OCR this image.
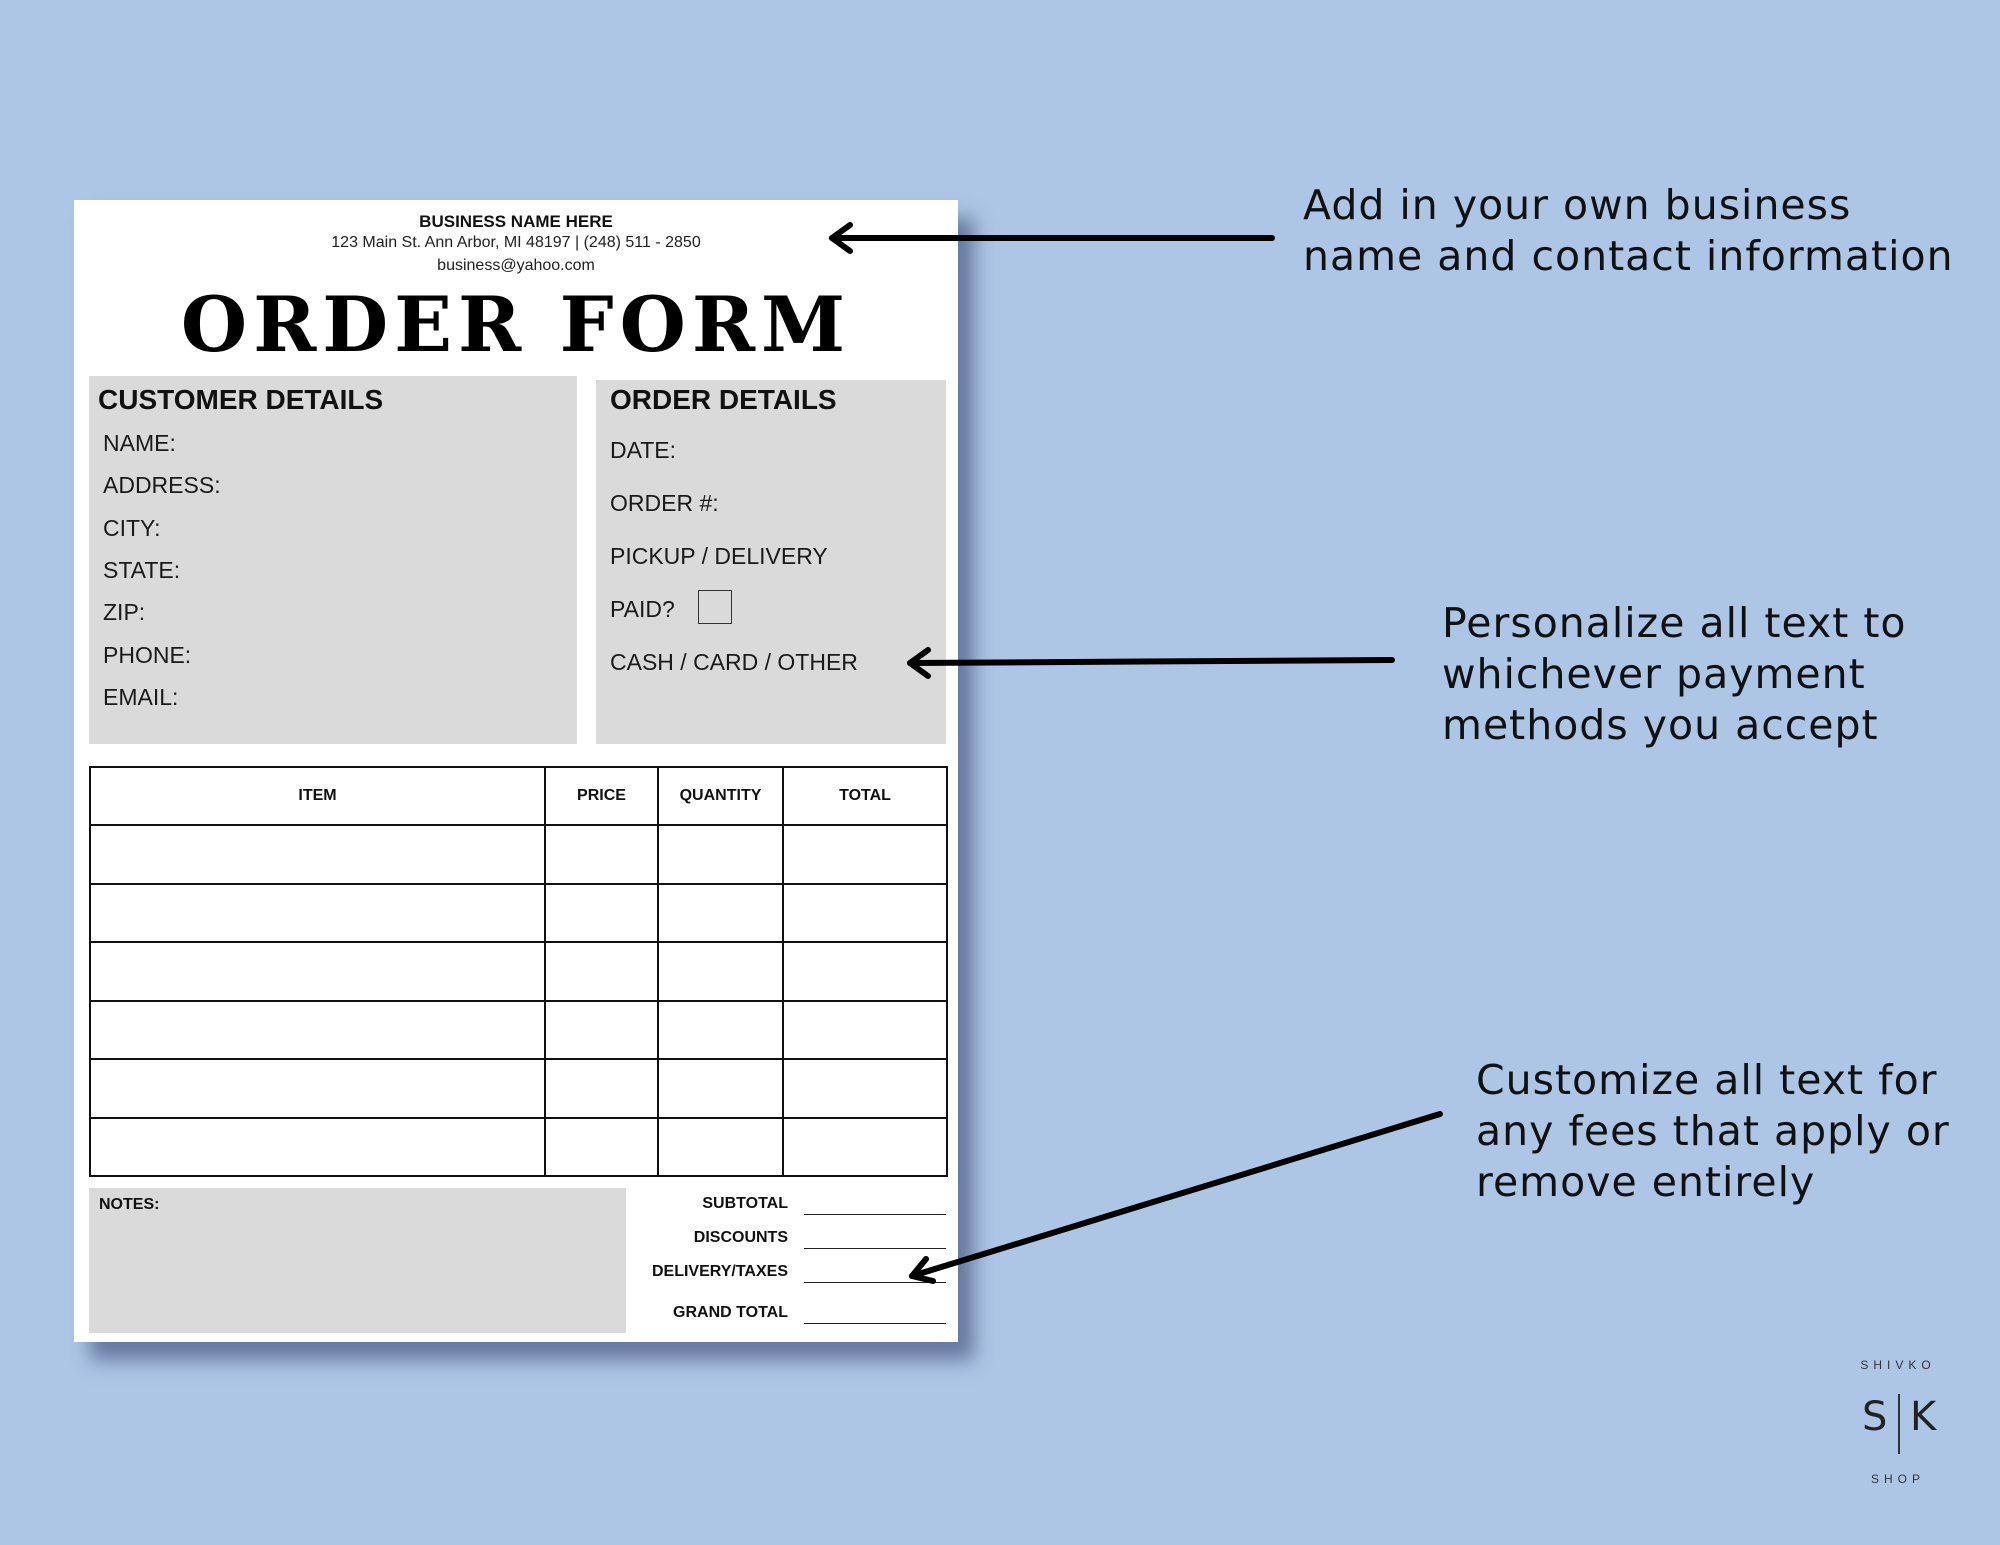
BUSINESS NAME HERE
123 Main St. Ann Arbor, MI 48197 | (248) 511 - 2850
business@yahoo.com
ORDER FORM
CUSTOMER DETAILS
NAME:
ADDRESS:
CITY:
STATE:
ZIP:
PHONE:
EMAIL:
ORDER DETAILS
DATE:
ORDER #:
PICKUP / DELIVERY
PAID?
CASH / CARD / OTHER
ITEM	PRICE	QUANTITY	TOTAL

NOTES:	SUBTOTAL
DISCOUNTS
DELIVERY/TAXES
GRAND TOTAL
Add in your own business
name and contact information
Personalize all text to
whichever payment
methods you accept
Customize all text for
any fees that apply or
remove entirely
SHIVKO
S K
SHOP
